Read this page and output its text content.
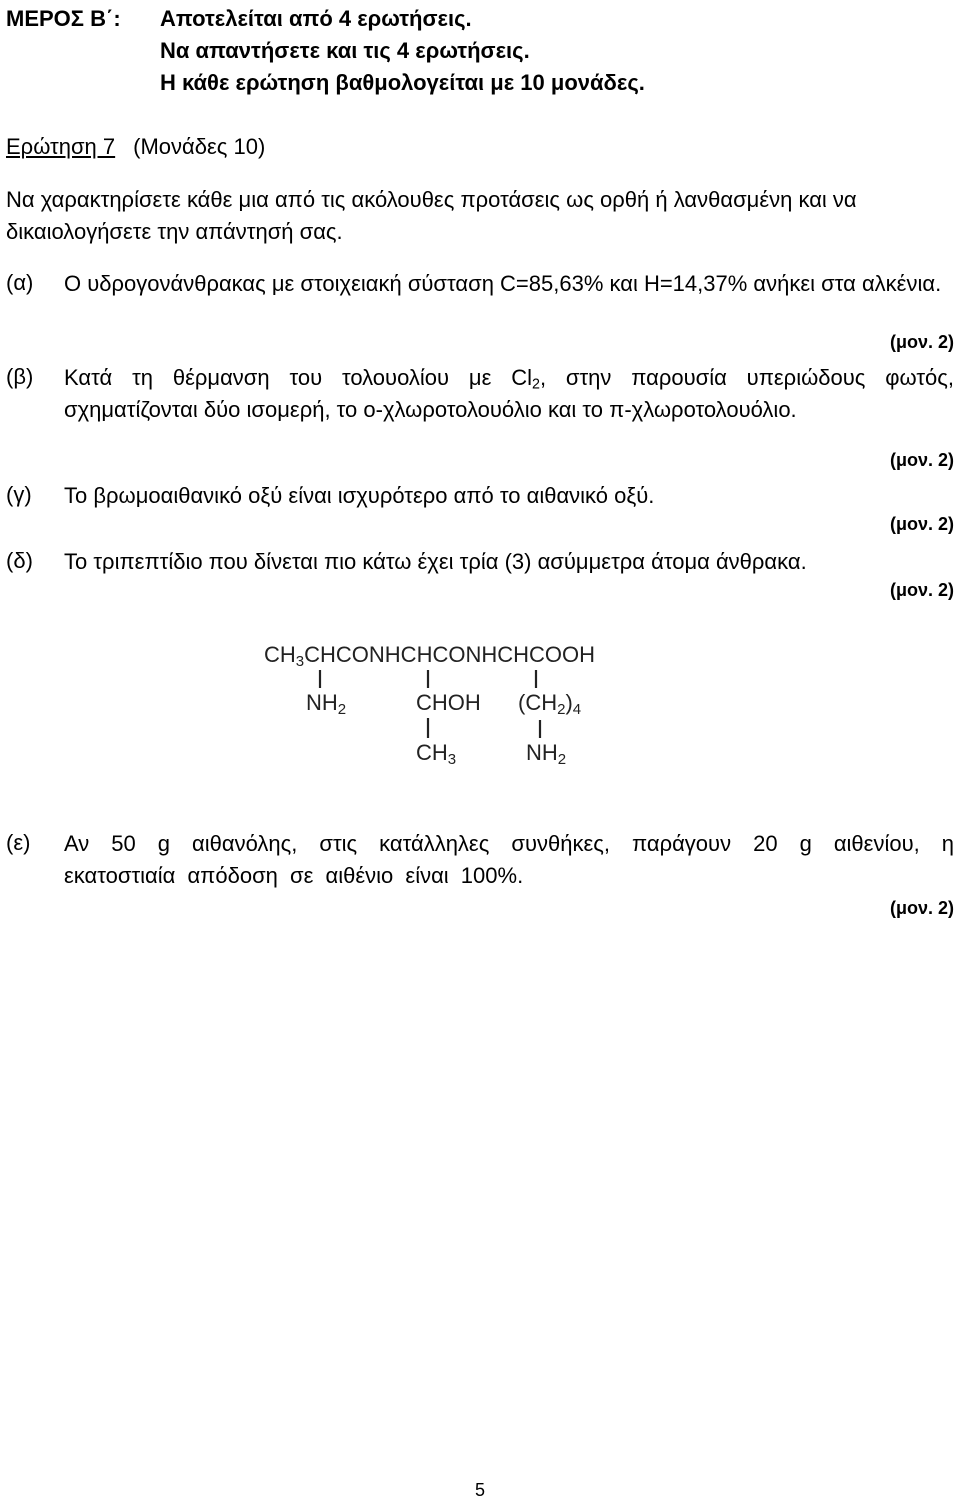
ΜΕΡΟΣ Β΄: Αποτελείται από 4 ερωτήσεις.
Να απαντήσετε και τις 4 ερωτήσεις.
Η κάθε ερώτηση βαθμολογείται με 10 μονάδες.
Ερώτηση 7 (Μονάδες 10)
Να χαρακτηρίσετε κάθε μια από τις ακόλουθες προτάσεις ως ορθή ή λανθασμένη και να δικαιολογήσετε την απάντησή σας.
(α) Ο υδρογονάνθρακας με στοιχειακή σύσταση C=85,63% και H=14,37% ανήκει στα αλκένια.
(μον. 2)
(β) Κατά τη θέρμανση του τολουολίου με $Cl_2$, στην παρουσία υπεριώδους φωτός, σχηματίζονται δύο ισομερή, το ο-χλωροτολουόλιο και το π-χλωροτολουόλιο.
(μον. 2)
(γ) Το βρωμοαιθανικό οξύ είναι ισχυρότερο από το αιθανικό οξύ.
(μον. 2)
(δ) Το τριπεπτίδιο που δίνεται πιο κάτω έχει τρία (3) ασύμμετρα άτομα άνθρακα.
(μον. 2)
CH3CHCONHCHCONHCHCOOH
NH2	CHOH (CH2)4
CH3	NH2
(ε) Αν 50 g αιθανόλης, στις κατάλληλες συνθήκες, παράγουν 20 g αιθενίου, η εκατοστιαία απόδοση σε αιθένιο είναι 100%.
(μον. 2)
5
